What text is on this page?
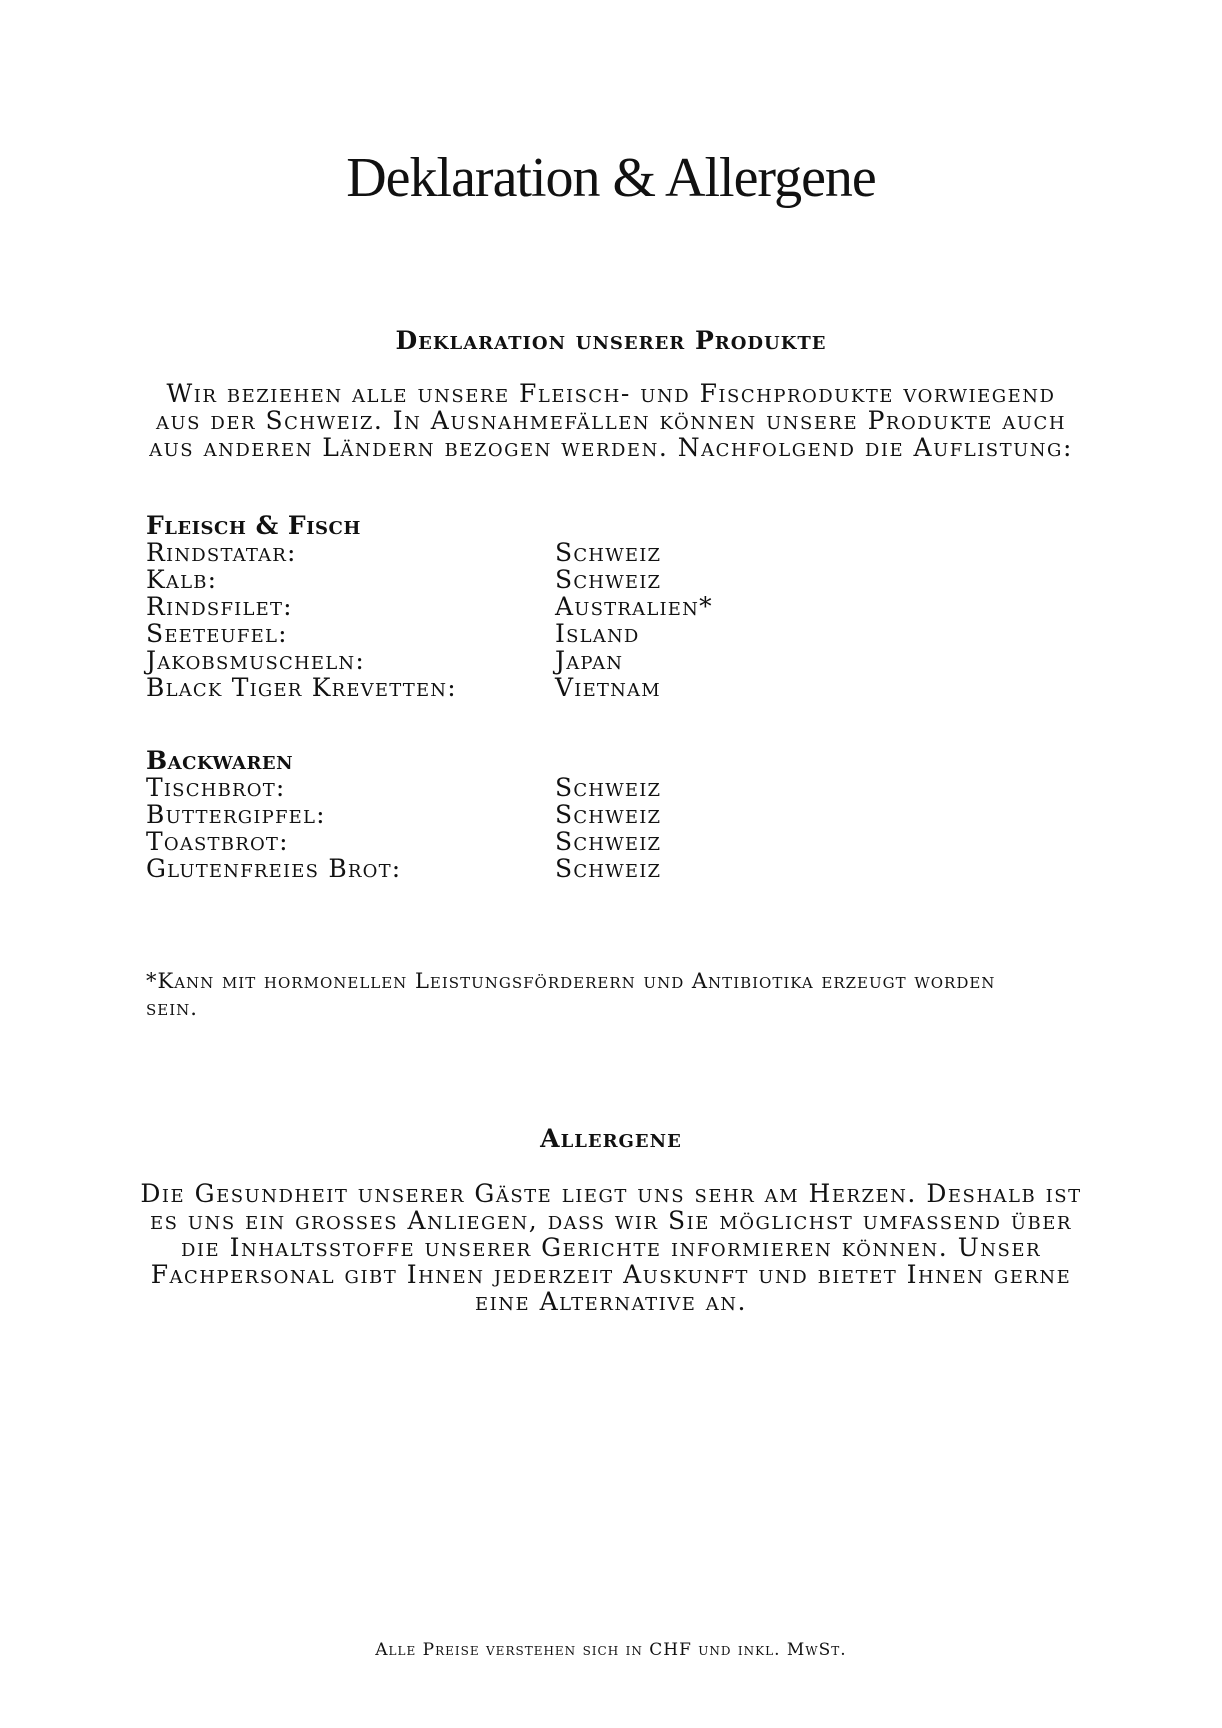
Deklaration & Allergene
Deklaration unserer Produkte

Wir beziehen alle unsere Fleisch- und Fischprodukte vorwiegend aus der Schweiz. In Ausnahmefällen können unsere Produkte auch aus anderen Ländern bezogen werden. Nachfolgend die Auflistung:

Fleisch & Fisch
Rindstatar:	Schweiz
Kalb:	Schweiz
Rindsfilet:	Australien*
Seeteufel:	Island
Jakobsmuscheln:	Japan
Black Tiger Krevetten:	Vietnam
Backwaren
Tischbrot:	Schweiz
Buttergipfel:	Schweiz
Toastbrot:	Schweiz
Glutenfreies Brot:	Schweiz

*Kann mit hormonellen Leistungsförderern und Antibiotika erzeugt worden sein.

Allergene

Die Gesundheit unserer Gäste liegt uns sehr am Herzen. Deshalb ist es uns ein grosses Anliegen, dass wir Sie möglichst umfassend über die Inhaltsstoffe unserer Gerichte informieren können. Unser Fachpersonal gibt Ihnen jederzeit Auskunft und bietet Ihnen gerne eine Alternative an.

Alle Preise verstehen sich in CHF und inkl. MwSt.
